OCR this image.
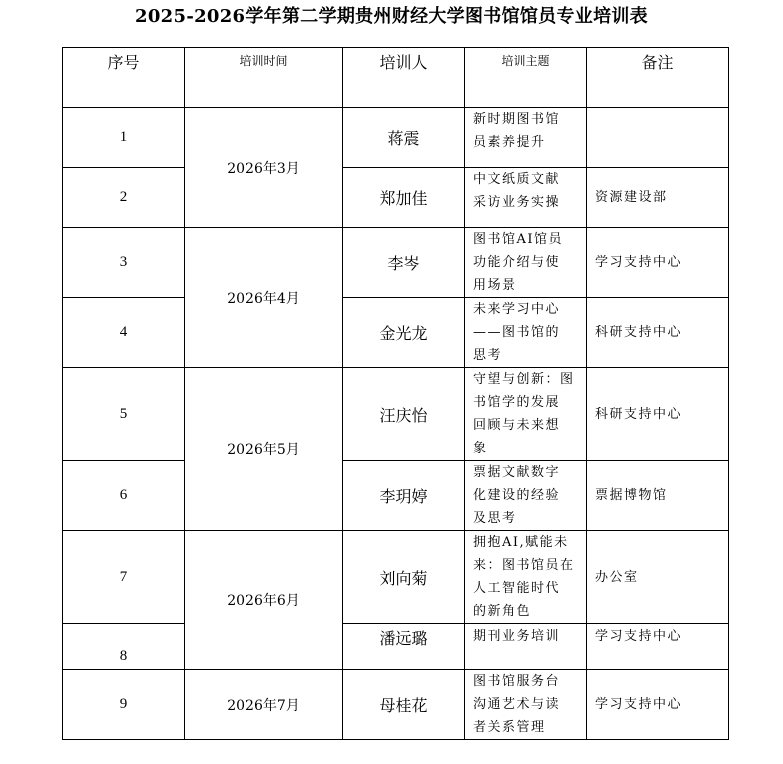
2025-2026学年第二学期贵州财经大学图书馆馆员专业培训表
序号	培训时间	培训人	培训主题	备注
1	2026年3月	蒋震	新时期图书馆
员素养提升	

2		郑加佳	中文纸质文献
采访业务实操	资源建设部
3	2026年4月	李岑	图书馆AI馆员
功能介绍与使
用场景	学习支持中心
4		金光龙	未来学习中心
——图书馆的
思考	科研支持中心
5	2026年5月	汪庆怡	守望与创新：图
书馆学的发展
回顾与未来想
象	科研支持中心
6		李玥婷	票据文献数字
化建设的经验
及思考	票据博物馆
7	2026年6月	刘向菊	拥抱AI,赋能未
来：图书馆员在
人工智能时代
的新角色	办公室
8		潘远璐	期刊业务培训	学习支持中心
9	2026年7月	母桂花	图书馆服务台
沟通艺术与读
者关系管理	学习支持中心
